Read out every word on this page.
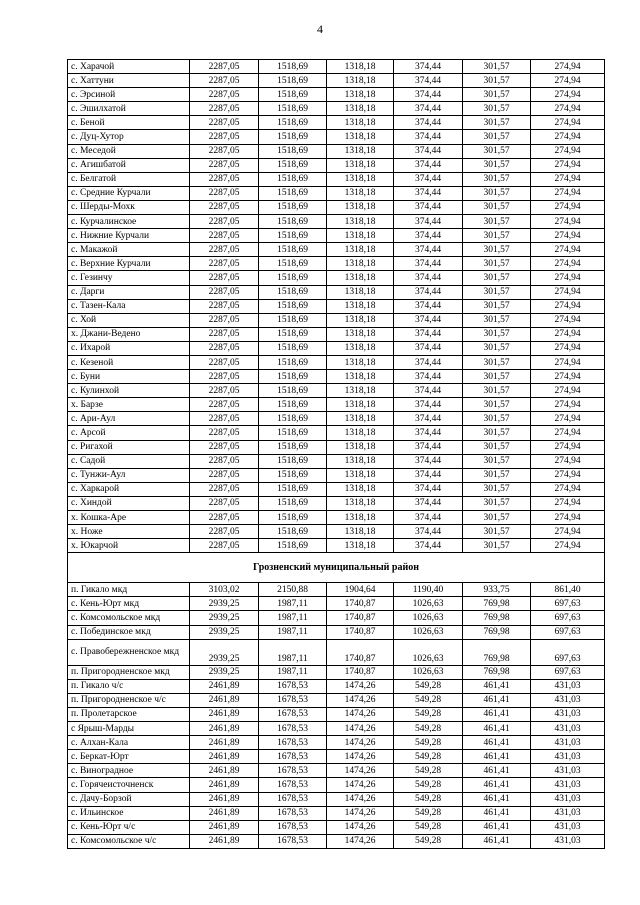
4
с. Харачой	2287,05	1518,69	1318,18	374,44	301,57	274,94
с. Хаттуни	2287,05	1518,69	1318,18	374,44	301,57	274,94
с. Эрсиной	2287,05	1518,69	1318,18	374,44	301,57	274,94
с. Эшилхатой	2287,05	1518,69	1318,18	374,44	301,57	274,94
с. Беной	2287,05	1518,69	1318,18	374,44	301,57	274,94
с. Дуц-Хутор	2287,05	1518,69	1318,18	374,44	301,57	274,94
с. Меседой	2287,05	1518,69	1318,18	374,44	301,57	274,94
с. Агишбатой	2287,05	1518,69	1318,18	374,44	301,57	274,94
с. Белгатой	2287,05	1518,69	1318,18	374,44	301,57	274,94
с. Средние Курчали	2287,05	1518,69	1318,18	374,44	301,57	274,94
с. Шерды-Мохк	2287,05	1518,69	1318,18	374,44	301,57	274,94
с. Курчалинское	2287,05	1518,69	1318,18	374,44	301,57	274,94
с. Нижние Курчали	2287,05	1518,69	1318,18	374,44	301,57	274,94
с. Макажой	2287,05	1518,69	1318,18	374,44	301,57	274,94
с. Верхние Курчали	2287,05	1518,69	1318,18	374,44	301,57	274,94
с. Гезинчу	2287,05	1518,69	1318,18	374,44	301,57	274,94
с. Дарги	2287,05	1518,69	1318,18	374,44	301,57	274,94
с. Тазен-Кала	2287,05	1518,69	1318,18	374,44	301,57	274,94
с. Хой	2287,05	1518,69	1318,18	374,44	301,57	274,94
х. Джани-Ведено	2287,05	1518,69	1318,18	374,44	301,57	274,94
с. Ихарой	2287,05	1518,69	1318,18	374,44	301,57	274,94
с. Кезеной	2287,05	1518,69	1318,18	374,44	301,57	274,94
с. Буни	2287,05	1518,69	1318,18	374,44	301,57	274,94
с. Кулинхой	2287,05	1518,69	1318,18	374,44	301,57	274,94
х. Барзе	2287,05	1518,69	1318,18	374,44	301,57	274,94
с. Ари-Аул	2287,05	1518,69	1318,18	374,44	301,57	274,94
с. Арсой	2287,05	1518,69	1318,18	374,44	301,57	274,94
с. Ригахой	2287,05	1518,69	1318,18	374,44	301,57	274,94
с. Садой	2287,05	1518,69	1318,18	374,44	301,57	274,94
с. Тунжи-Аул	2287,05	1518,69	1318,18	374,44	301,57	274,94
с. Харкарой	2287,05	1518,69	1318,18	374,44	301,57	274,94
с. Хиндой	2287,05	1518,69	1318,18	374,44	301,57	274,94
х. Кошка-Аре	2287,05	1518,69	1318,18	374,44	301,57	274,94
х. Ноже	2287,05	1518,69	1318,18	374,44	301,57	274,94
х. Юкарчой	2287,05	1518,69	1318,18	374,44	301,57	274,94
Грозненский муниципальный район						
п. Гикало мкд	3103,02	2150,88	1904,64	1190,40	933,75	861,40
с. Кень-Юрт мкд	2939,25	1987,11	1740,87	1026,63	769,98	697,63
с. Комсомольское мкд	2939,25	1987,11	1740,87	1026,63	769,98	697,63
с. Побединское мкд	2939,25	1987,11	1740,87	1026,63	769,98	697,63
с. Правобережненское мкд	2939,25	1987,11	1740,87	1026,63	769,98	697,63
п. Пригородненское мкд	2939,25	1987,11	1740,87	1026,63	769,98	697,63
п. Гикало ч/с	2461,89	1678,53	1474,26	549,28	461,41	431,03
п. Пригородненское ч/с	2461,89	1678,53	1474,26	549,28	461,41	431,03
п. Пролетарское	2461,89	1678,53	1474,26	549,28	461,41	431,03
с Ярыш-Марды	2461,89	1678,53	1474,26	549,28	461,41	431,03
с. Алхан-Кала	2461,89	1678,53	1474,26	549,28	461,41	431,03
с. Беркат-Юрт	2461,89	1678,53	1474,26	549,28	461,41	431,03
с. Виноградное	2461,89	1678,53	1474,26	549,28	461,41	431,03
с. Горячеисточненск	2461,89	1678,53	1474,26	549,28	461,41	431,03
с. Дачу-Борзой	2461,89	1678,53	1474,26	549,28	461,41	431,03
с. Ильинское	2461,89	1678,53	1474,26	549,28	461,41	431,03
с. Кень-Юрт ч/с	2461,89	1678,53	1474,26	549,28	461,41	431,03
с. Комсомольское ч/с	2461,89	1678,53	1474,26	549,28	461,41	431,03
